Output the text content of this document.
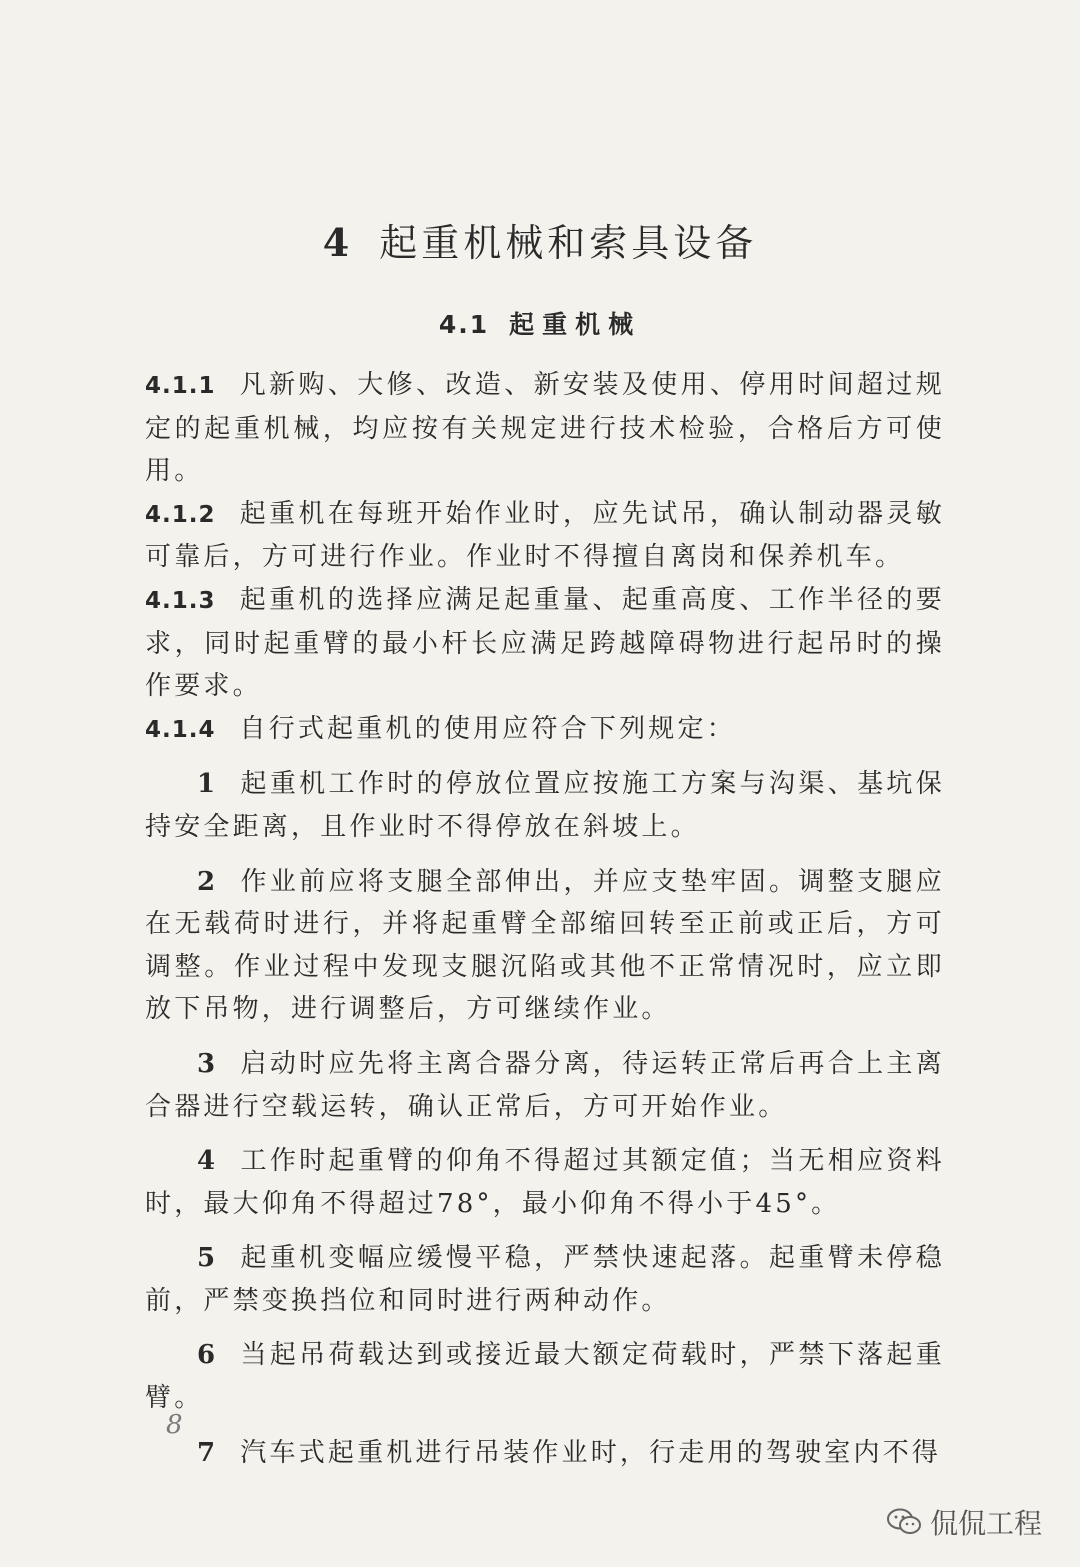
4 起重机械和索具设备
4.1 起重机械

4.1.1 凡新购、大修、改造、新安装及使用、停用时间超过规定的起重机械，均应按有关规定进行技术检验，合格后方可使用。

4.1.2 起重机在每班开始作业时，应先试吊，确认制动器灵敏可靠后，方可进行作业。作业时不得擅自离岗和保养机车。

4.1.3 起重机的选择应满足起重量、起重高度、工作半径的要求，同时起重臂的最小杆长应满足跨越障碍物进行起吊时的操作要求。

4.1.4 自行式起重机的使用应符合下列规定：

1 起重机工作时的停放位置应按施工方案与沟渠、基坑保持安全距离，且作业时不得停放在斜坡上。

2 作业前应将支腿全部伸出，并应支垫牢固。调整支腿应在无载荷时进行，并将起重臂全部缩回转至正前或正后，方可调整。作业过程中发现支腿沉陷或其他不正常情况时，应立即放下吊物，进行调整后，方可继续作业。

3 启动时应先将主离合器分离，待运转正常后再合上主离合器进行空载运转，确认正常后，方可开始作业。

4 工作时起重臂的仰角不得超过其额定值；当无相应资料时，最大仰角不得超过78°，最小仰角不得小于45°。

5 起重机变幅应缓慢平稳，严禁快速起落。起重臂未停稳前，严禁变换挡位和同时进行两种动作。

6 当起吊荷载达到或接近最大额定荷载时，严禁下落起重臂。

7 汽车式起重机进行吊装作业时，行走用的驾驶室内不得

8
侃侃工程
